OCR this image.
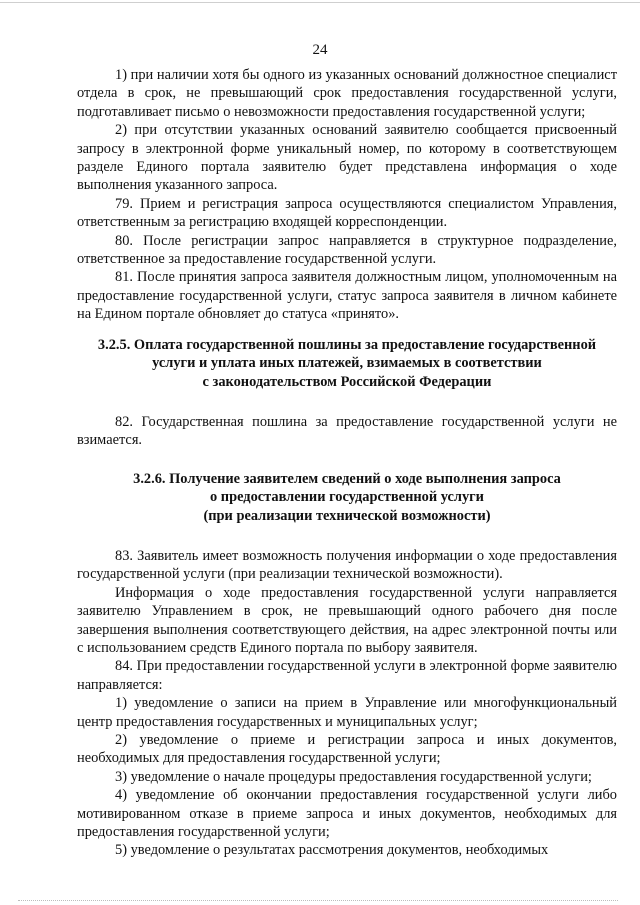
24

1) при наличии хотя бы одного из указанных оснований должностное специалист отдела в срок, не превышающий срок предоставления государственной услуги, подготавливает письмо о невозможности предоставления государственной услуги;

2) при отсутствии указанных оснований заявителю сообщается присвоенный запросу в электронной форме уникальный номер, по которому в соответствующем разделе Единого портала заявителю будет представлена информация о ходе выполнения указанного запроса.

79. Прием и регистрация запроса осуществляются специалистом Управления, ответственным за регистрацию входящей корреспонденции.

80. После регистрации запрос направляется в структурное подразделение, ответственное за предоставление государственной услуги.

81. После принятия запроса заявителя должностным лицом, уполномоченным на предоставление государственной услуги, статус запроса заявителя в личном кабинете на Едином портале обновляет до статуса «принято».

3.2.5. Оплата государственной пошлины за предоставление государственной
услуги и уплата иных платежей, взимаемых в соответствии
с законодательством Российской Федерации

82. Государственная пошлина за предоставление государственной услуги не взимается.

3.2.6. Получение заявителем сведений о ходе выполнения запроса
о предоставлении государственной услуги
(при реализации технической возможности)

83. Заявитель имеет возможность получения информации о ходе предоставления государственной услуги (при реализации технической возможности).

Информация о ходе предоставления государственной услуги направляется заявителю Управлением в срок, не превышающий одного рабочего дня после завершения выполнения соответствующего действия, на адрес электронной почты или с использованием средств Единого портала по выбору заявителя.

84. При предоставлении государственной услуги в электронной форме заявителю направляется:

1) уведомление о записи на прием в Управление или многофункциональный центр предоставления государственных и муниципальных услуг;

2) уведомление о приеме и регистрации запроса и иных документов, необходимых для предоставления государственной услуги;

3) уведомление о начале процедуры предоставления государственной услуги;

4) уведомление об окончании предоставления государственной услуги либо мотивированном отказе в приеме запроса и иных документов, необходимых для предоставления государственной услуги;

5) уведомление о результатах рассмотрения документов, необходимых
